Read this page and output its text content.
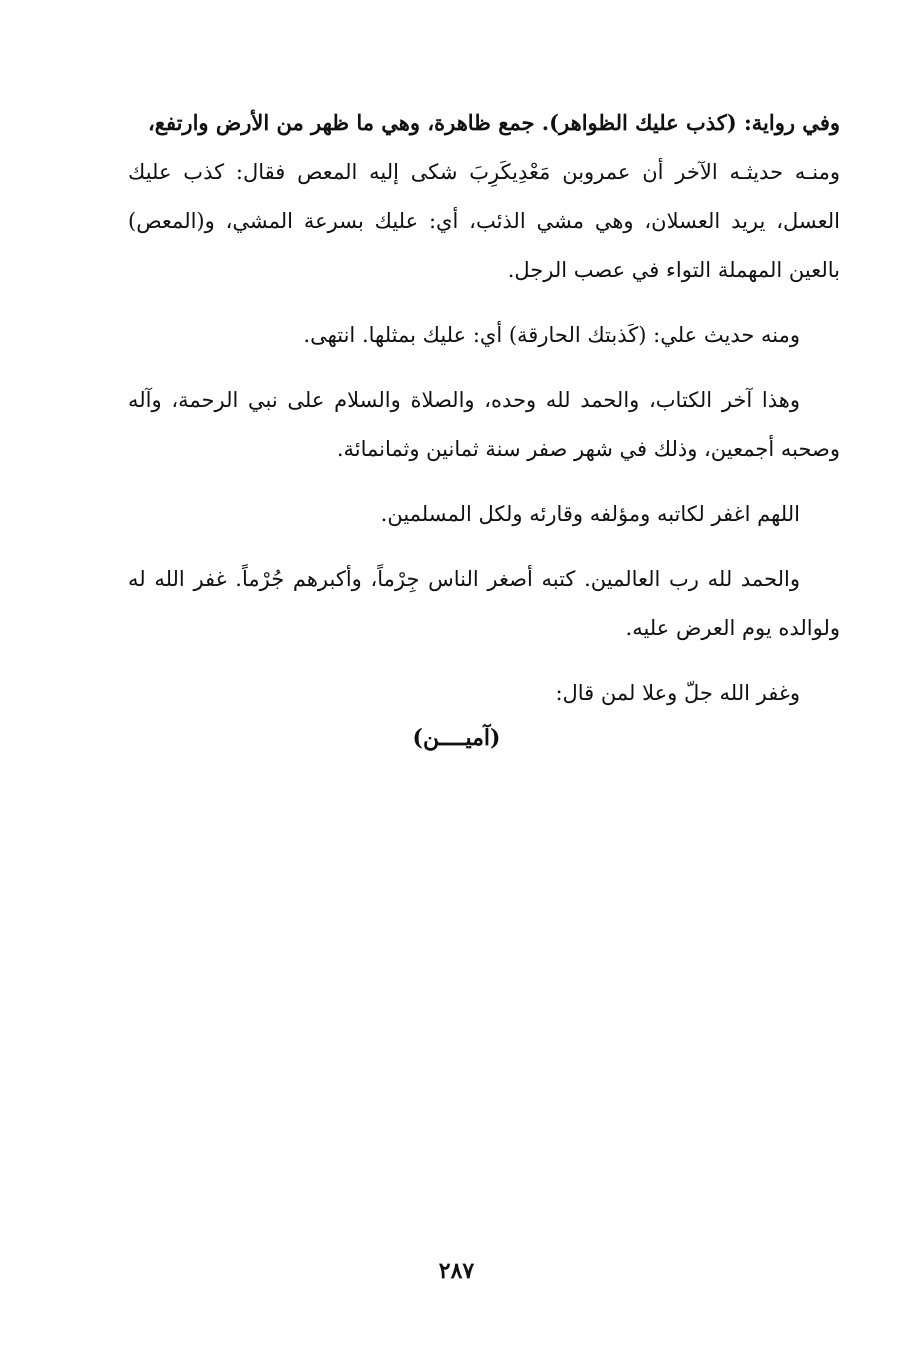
وفي رواية: (كذب عليك الظواهر). جمع ظاهرة، وهي ما ظهر من الأرض وارتفع،

ومنـه حديثـه الآخر أن عمروبن مَعْدِيكَرِبَ شكى إليه المعص فقال: كذب عليك العسل، يريد العسلان، وهي مشي الذئب، أي: عليك بسرعة المشي، و(المعص) بالعين المهملة التواء في عصب الرجل.

ومنه حديث علي: (كَذبتك الحارقة) أي: عليك بمثلها. انتهى.

وهذا آخر الكتاب، والحمد لله وحده، والصلاة والسلام على نبي الرحمة، وآله وصحبه أجمعين، وذلك في شهر صفر سنة ثمانين وثمانمائة.

اللهم اغفر لكاتبه ومؤلفه وقارئه ولكل المسلمين.

والحمد لله رب العالمين. كتبه أصغر الناس جِرْماً، وأكبرهم جُرْماً. غفر الله له ولوالده يوم العرض عليه.

وغفر الله جلّ وعلا لمن قال:

(آميــــن)
٢٨٧
